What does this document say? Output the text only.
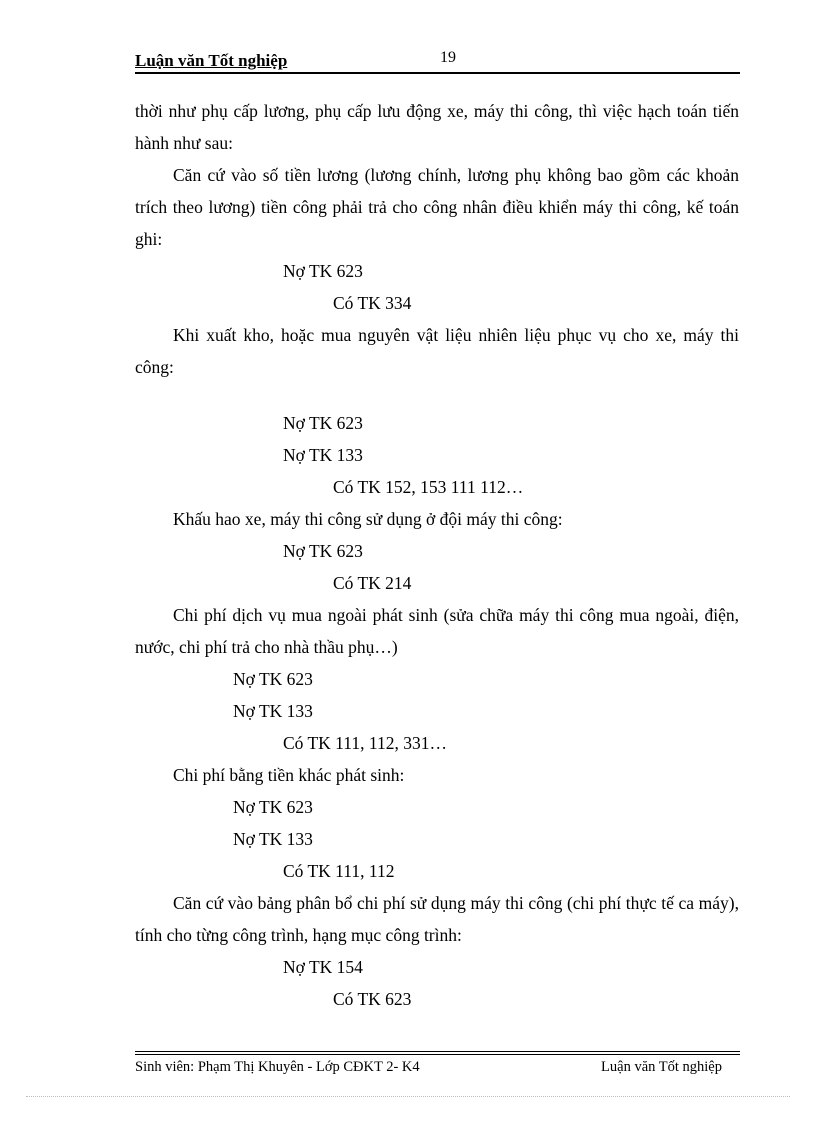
Luận văn Tốt nghiệp	19

thời như phụ cấp lương, phụ cấp lưu động xe, máy thi công, thì việc hạch toán tiến hành như sau:

Căn cứ vào số tiền lương (lương chính, lương phụ không bao gồm các khoản trích theo lương) tiền công phải trả cho công nhân điều khiển máy thi công, kế toán ghi:

Nợ TK 623

Có TK 334

Khi xuất kho, hoặc mua nguyên vật liệu nhiên liệu phục vụ cho xe, máy thi công:

Nợ TK 623

Nợ TK 133

Có TK 152, 153 111 112…

Khấu hao xe, máy thi công sử dụng ở đội máy thi công:

Nợ TK 623

Có TK 214

Chi phí dịch vụ mua ngoài phát sinh (sửa chữa máy thi công mua ngoài, điện, nước, chi phí trả cho nhà thầu phụ…)

Nợ TK 623

Nợ TK 133

Có TK 111, 112, 331…

Chi phí bằng tiền khác phát sinh:

Nợ TK 623

Nợ TK 133

Có TK 111, 112

Căn cứ vào bảng phân bổ chi phí sử dụng máy thi công (chi phí thực tế ca máy), tính cho từng công trình, hạng mục công trình:

Nợ TK 154

Có TK 623

Sinh viên: Phạm Thị Khuyên - Lớp CĐKT 2- K4	Luận văn Tốt nghiệp
